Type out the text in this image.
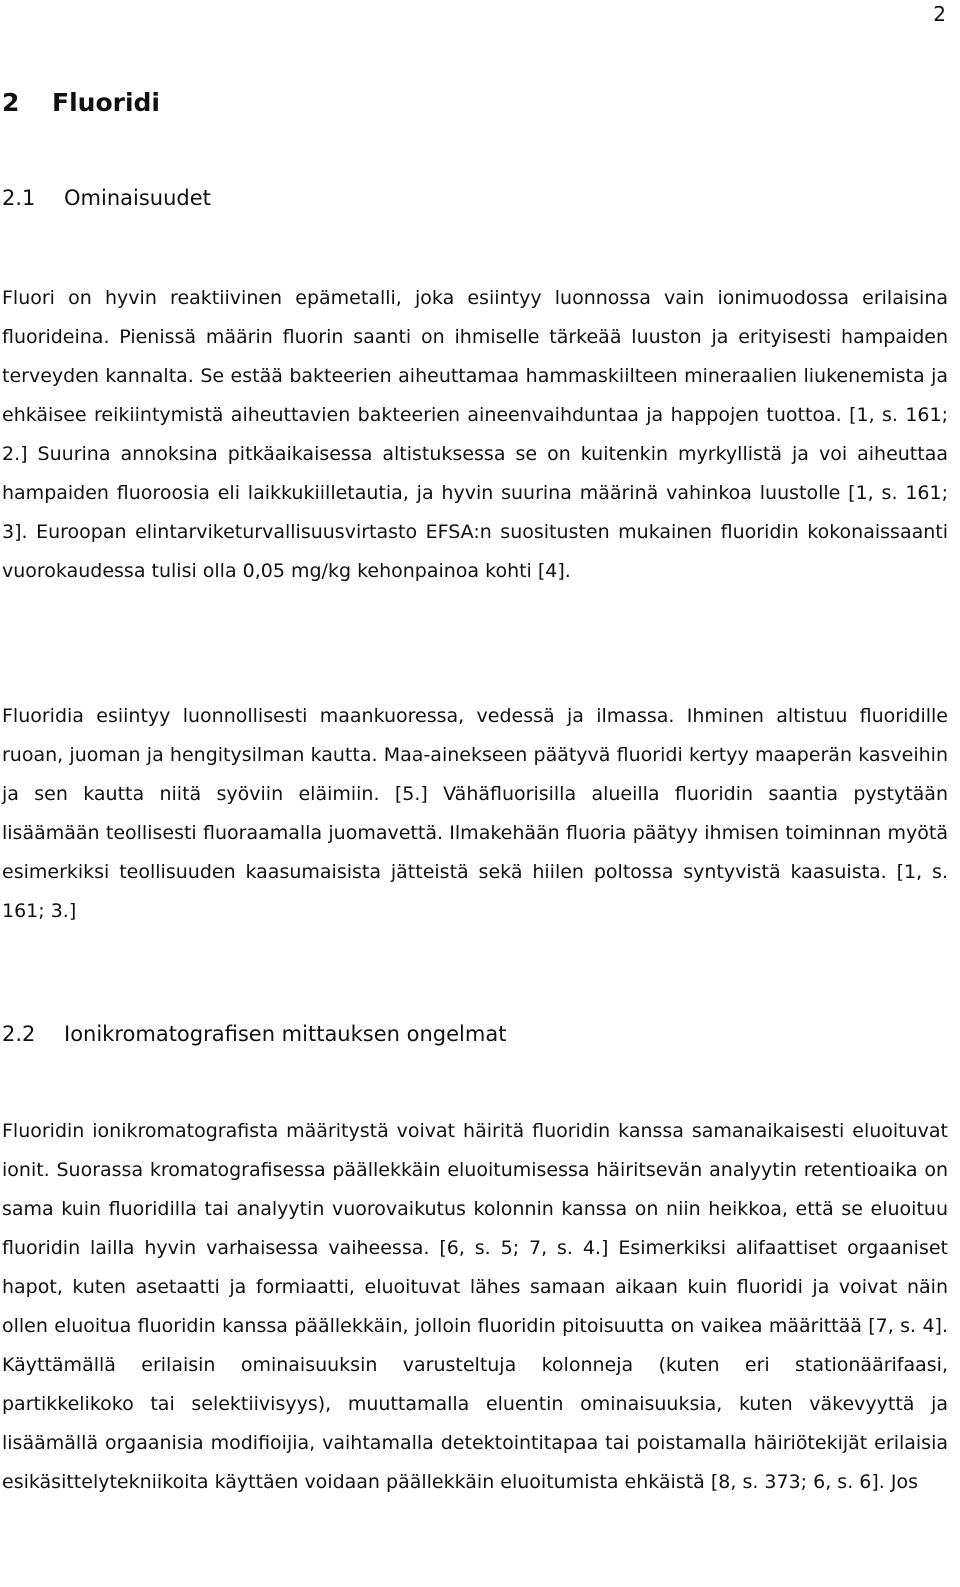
2
2 Fluoridi
2.1 Ominaisuudet

Fluori on hyvin reaktiivinen epämetalli, joka esiintyy luonnossa vain ionimuodossa erilaisina fluorideina. Pienissä määrin fluorin saanti on ihmiselle tärkeää luuston ja erityisesti hampaiden terveyden kannalta. Se estää bakteerien aiheuttamaa hammaskiilteen mineraalien liukenemista ja ehkäisee reikiintymistä aiheuttavien bakteerien aineenvaihduntaa ja happojen tuottoa. [1, s. 161; 2.] Suurina annoksina pitkäaikaisessa altistuksessa se on kuitenkin myrkyllistä ja voi aiheuttaa hampaiden fluoroosia eli laikkukiilletautia, ja hyvin suurina määrinä vahinkoa luustolle [1, s. 161; 3]. Euroopan elintarviketurvallisuusvirtasto EFSA:n suositusten mukainen fluoridin kokonaissaanti vuorokaudessa tulisi olla 0,05 mg/kg kehonpainoa kohti [4].

Fluoridia esiintyy luonnollisesti maankuoressa, vedessä ja ilmassa. Ihminen altistuu fluoridille ruoan, juoman ja hengitysilman kautta. Maa-ainekseen päätyvä fluoridi kertyy maaperän kasveihin ja sen kautta niitä syöviin eläimiin. [5.] Vähäfluorisilla alueilla fluoridin saantia pystytään lisäämään teollisesti fluoraamalla juomavettä. Ilmakehään fluoria päätyy ihmisen toiminnan myötä esimerkiksi teollisuuden kaasumaisista jätteistä sekä hiilen poltossa syntyvistä kaasuista. [1, s. 161; 3.]

2.2 Ionikromatografisen mittauksen ongelmat

Fluoridin ionikromatografista määritystä voivat häiritä fluoridin kanssa samanaikaisesti eluoituvat ionit. Suorassa kromatografisessa päällekkäin eluoitumisessa häiritsevän analyytin retentioaika on sama kuin fluoridilla tai analyytin vuorovaikutus kolonnin kanssa on niin heikkoa, että se eluoituu fluoridin lailla hyvin varhaisessa vaiheessa. [6, s. 5; 7, s. 4.] Esimerkiksi alifaattiset orgaaniset hapot, kuten asetaatti ja formiaatti, eluoituvat lähes samaan aikaan kuin fluoridi ja voivat näin ollen eluoitua fluoridin kanssa päällekkäin, jolloin fluoridin pitoisuutta on vaikea määrittää [7, s. 4]. Käyttämällä erilaisin ominaisuuksin varusteltuja kolonneja (kuten eri stationäärifaasi, partikkelikoko tai selektiivisyys), muuttamalla eluentin ominaisuuksia, kuten väkevyyttä ja lisäämällä orgaanisia modifioijia, vaihtamalla detektointitapaa tai poistamalla häiriötekijät erilaisia esikäsittelytekniikoita käyttäen voidaan päällekkäin eluoitumista ehkäistä [8, s. 373; 6, s. 6]. Jos
